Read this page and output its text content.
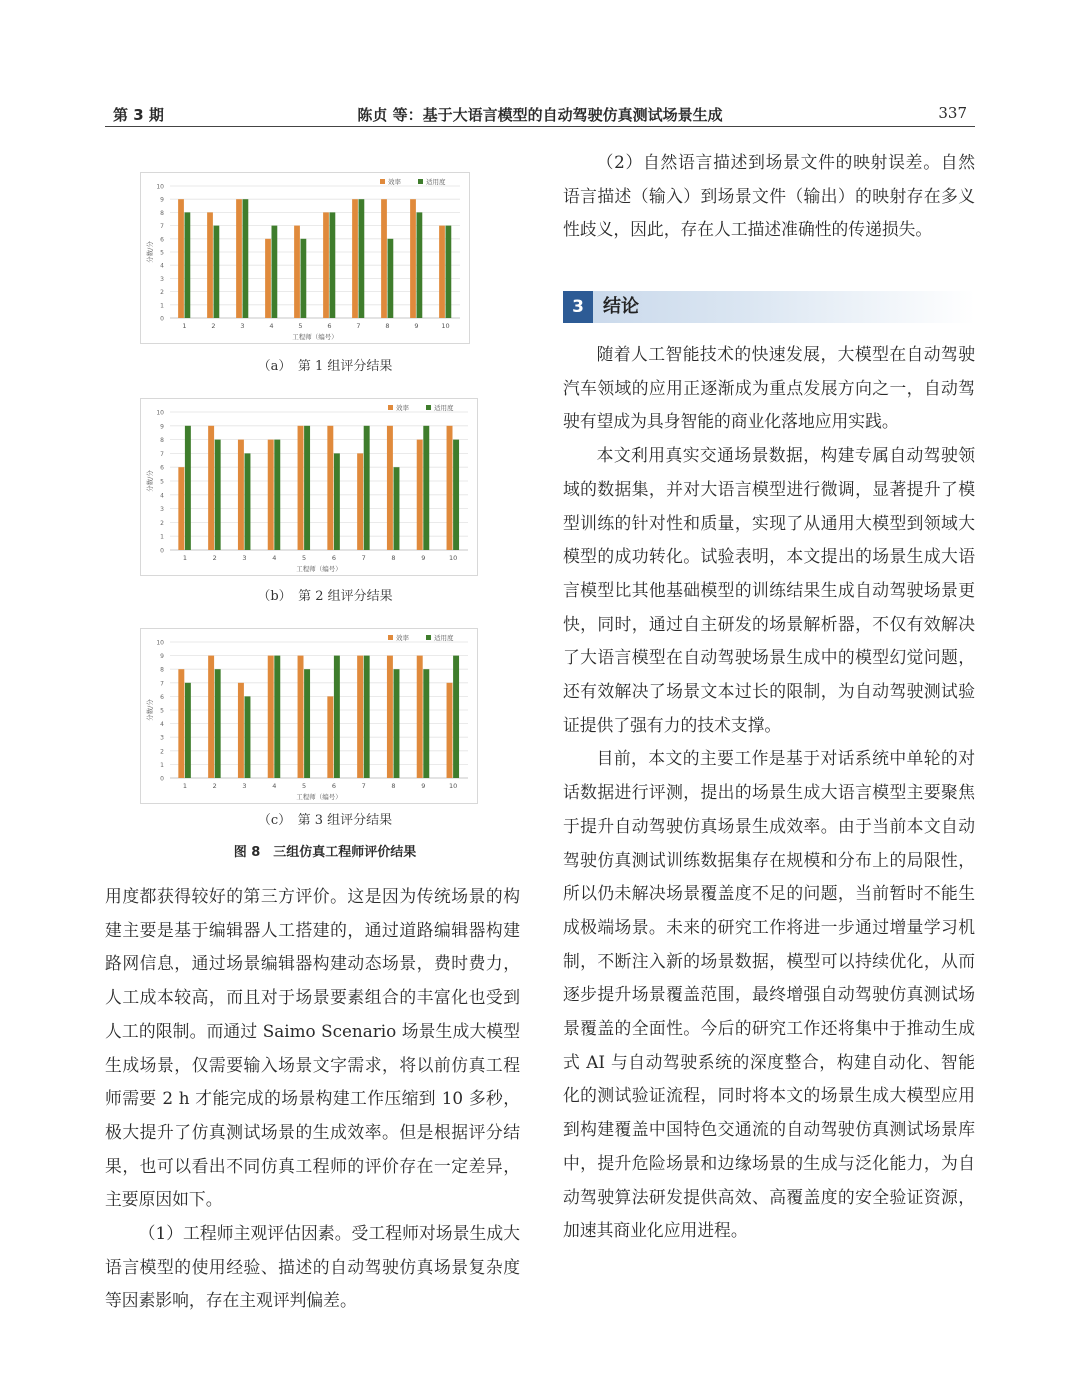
第 3 期	陈贞 等：基于大语言模型的自动驾驶仿真测试场景生成	337
0
1
2
3
4
5
6
7
8
9
10
1	2	3	4	5	6	7	8	9	10
工程师（编号）
分数/分
效率	适用度
（a）　第 1 组评分结果
0
1
2
3
4
5
6
7
8
9
10
1	2	3	4	5	6	7	8	9	10
工程师（编号）
分数/分
效率	适用度
（b）　第 2 组评分结果
0
1
2
3
4
5
6
7
8
9
10
1	2	3	4	5	6	7	8	9	10
工程师（编号）
分数/分
效率	适用度
（c）　第 3 组评分结果
图 8　三组仿真工程师评价结果

用度都获得较好的第三方评价。这是因为传统场景的构建主要是基于编辑器人工搭建的，通过道路编辑器构建路网信息，通过场景编辑器构建动态场景，费时费力，人工成本较高，而且对于场景要素组合的丰富化也受到人工的限制。而通过 Saimo Scenario 场景生成大模型生成场景，仅需要输入场景文字需求，将以前仿真工程师需要 2 h 才能完成的场景构建工作压缩到 10 多秒，极大提升了仿真测试场景的生成效率。但是根据评分结果，也可以看出不同仿真工程师的评价存在一定差异，主要原因如下。

（1）工程师主观评估因素。受工程师对场景生成大语言模型的使用经验、描述的自动驾驶仿真场景复杂度等因素影响，存在主观评判偏差。

（2）自然语言描述到场景文件的映射误差。自然语言描述（输入）到场景文件（输出）的映射存在多义性歧义，因此，存在人工描述准确性的传递损失。

3	结论

随着人工智能技术的快速发展，大模型在自动驾驶汽车领域的应用正逐渐成为重点发展方向之一，自动驾驶有望成为具身智能的商业化落地应用实践。

本文利用真实交通场景数据，构建专属自动驾驶领域的数据集，并对大语言模型进行微调，显著提升了模型训练的针对性和质量，实现了从通用大模型到领域大模型的成功转化。试验表明，本文提出的场景生成大语言模型比其他基础模型的训练结果生成自动驾驶场景更快，同时，通过自主研发的场景解析器，不仅有效解决了大语言模型在自动驾驶场景生成中的模型幻觉问题，还有效解决了场景文本过长的限制，为自动驾驶测试验证提供了强有力的技术支撑。

目前，本文的主要工作是基于对话系统中单轮的对话数据进行评测，提出的场景生成大语言模型主要聚焦于提升自动驾驶仿真场景生成效率。由于当前本文自动驾驶仿真测试训练数据集存在规模和分布上的局限性，所以仍未解决场景覆盖度不足的问题，当前暂时不能生成极端场景。未来的研究工作将进一步通过增量学习机制，不断注入新的场景数据，模型可以持续优化，从而逐步提升场景覆盖范围，最终增强自动驾驶仿真测试场景覆盖的全面性。今后的研究工作还将集中于推动生成式 AI 与自动驾驶系统的深度整合，构建自动化、智能化的测试验证流程，同时将本文的场景生成大模型应用到构建覆盖中国特色交通流的自动驾驶仿真测试场景库中，提升危险场景和边缘场景的生成与泛化能力，为自动驾驶算法研发提供高效、高覆盖度的安全验证资源，加速其商业化应用进程。
